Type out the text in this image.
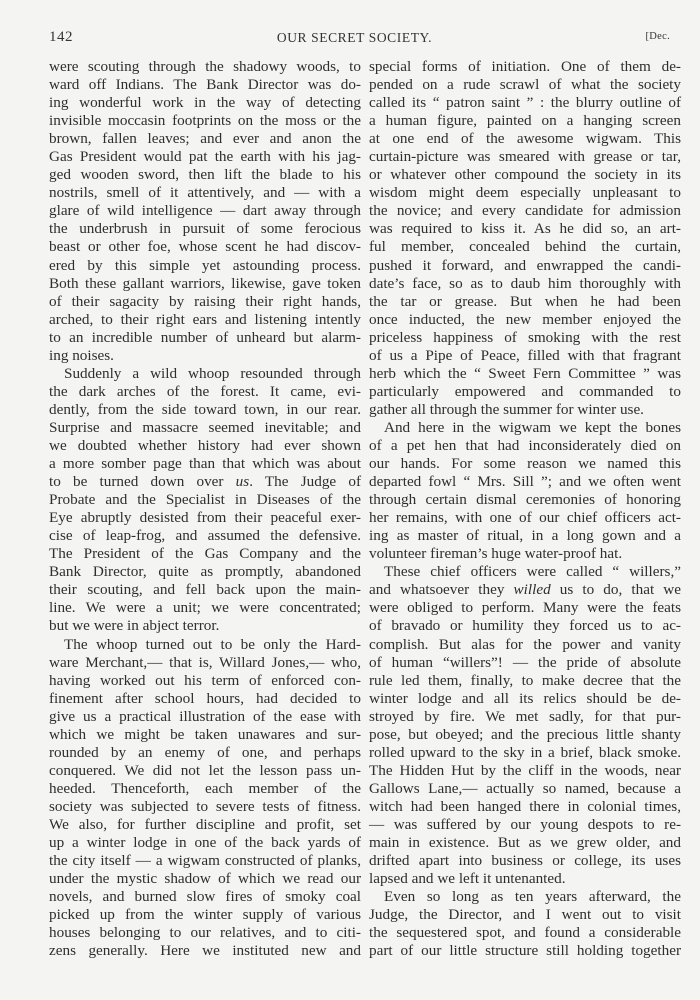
142	OUR SECRET SOCIETY.	[Dec.
were scouting through the shadowy woods, to
ward off Indians. The Bank Director was do-
ing wonderful work in the way of detecting
invisible moccasin footprints on the moss or the
brown, fallen leaves; and ever and anon the
Gas President would pat the earth with his jag-
ged wooden sword, then lift the blade to his
nostrils, smell of it attentively, and — with a
glare of wild intelligence — dart away through
the underbrush in pursuit of some ferocious
beast or other foe, whose scent he had discov-
ered by this simple yet astounding process.
Both these gallant warriors, likewise, gave token
of their sagacity by raising their right hands,
arched, to their right ears and listening intently
to an incredible number of unheard but alarm-
ing noises.
Suddenly a wild whoop resounded through
the dark arches of the forest. It came, evi-
dently, from the side toward town, in our rear.
Surprise and massacre seemed inevitable; and
we doubted whether history had ever shown
a more somber page than that which was about
to be turned down over us. The Judge of
Probate and the Specialist in Diseases of the
Eye abruptly desisted from their peaceful exer-
cise of leap-frog, and assumed the defensive.
The President of the Gas Company and the
Bank Director, quite as promptly, abandoned
their scouting, and fell back upon the main-
line. We were a unit; we were concentrated;
but we were in abject terror.
The whoop turned out to be only the Hard-
ware Merchant,— that is, Willard Jones,— who,
having worked out his term of enforced con-
finement after school hours, had decided to
give us a practical illustration of the ease with
which we might be taken unawares and sur-
rounded by an enemy of one, and perhaps
conquered. We did not let the lesson pass un-
heeded. Thenceforth, each member of the
society was subjected to severe tests of fitness.
We also, for further discipline and profit, set
up a winter lodge in one of the back yards of
the city itself — a wigwam constructed of planks,
under the mystic shadow of which we read our
novels, and burned slow fires of smoky coal
picked up from the winter supply of various
houses belonging to our relatives, and to citi-
zens generally. Here we instituted new and
special forms of initiation. One of them de-
pended on a rude scrawl of what the society
called its “ patron saint ” : the blurry outline of
a human figure, painted on a hanging screen
at one end of the awesome wigwam. This
curtain-picture was smeared with grease or tar,
or whatever other compound the society in its
wisdom might deem especially unpleasant to
the novice; and every candidate for admission
was required to kiss it. As he did so, an art-
ful member, concealed behind the curtain,
pushed it forward, and enwrapped the candi-
date’s face, so as to daub him thoroughly with
the tar or grease. But when he had been
once inducted, the new member enjoyed the
priceless happiness of smoking with the rest
of us a Pipe of Peace, filled with that fragrant
herb which the “ Sweet Fern Committee ” was
particularly empowered and commanded to
gather all through the summer for winter use.
And here in the wigwam we kept the bones
of a pet hen that had inconsiderately died on
our hands. For some reason we named this
departed fowl “ Mrs. Sill ”; and we often went
through certain dismal ceremonies of honoring
her remains, with one of our chief officers act-
ing as master of ritual, in a long gown and a
volunteer fireman’s huge water-proof hat.
These chief officers were called “ willers,”
and whatsoever they willed us to do, that we
were obliged to perform. Many were the feats
of bravado or humility they forced us to ac-
complish. But alas for the power and vanity
of human “willers”! — the pride of absolute
rule led them, finally, to make decree that the
winter lodge and all its relics should be de-
stroyed by fire. We met sadly, for that pur-
pose, but obeyed; and the precious little shanty
rolled upward to the sky in a brief, black smoke.
The Hidden Hut by the cliff in the woods, near
Gallows Lane,— actually so named, because a
witch had been hanged there in colonial times,
— was suffered by our young despots to re-
main in existence. But as we grew older, and
drifted apart into business or college, its uses
lapsed and we left it untenanted.
Even so long as ten years afterward, the
Judge, the Director, and I went out to visit
the sequestered spot, and found a considerable
part of our little structure still holding together
